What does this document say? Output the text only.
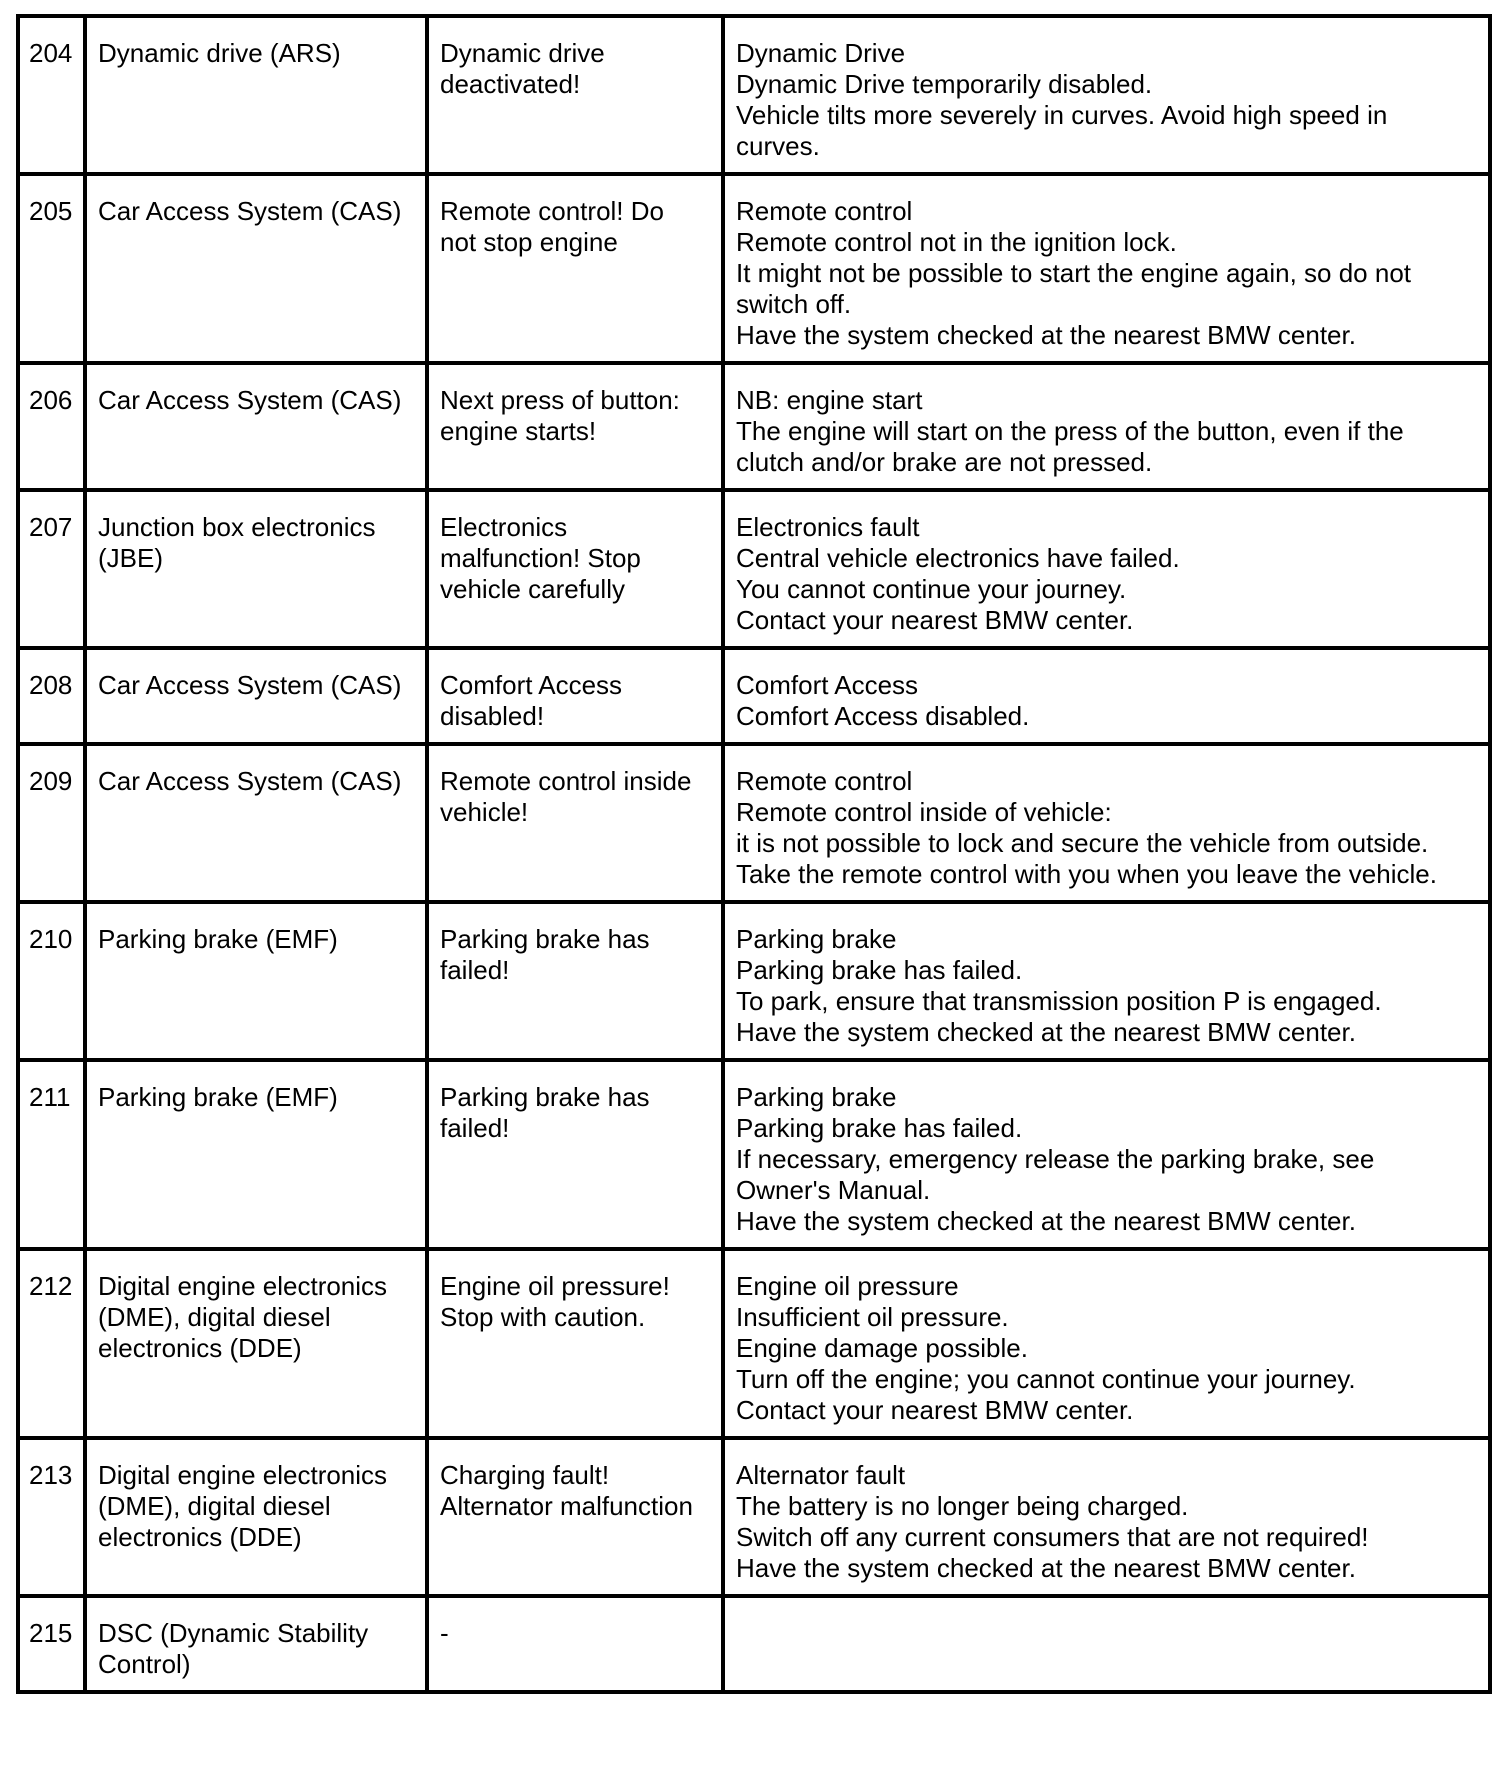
204	Dynamic drive (ARS)	Dynamic drive
deactivated!	Dynamic Drive
Dynamic Drive temporarily disabled.
Vehicle tilts more severely in curves. Avoid high speed in
curves.

205	Car Access System (CAS)	Remote control! Do
not stop engine	Remote control
Remote control not in the ignition lock.
It might not be possible to start the engine again, so do not
switch off.
Have the system checked at the nearest BMW center.

206	Car Access System (CAS)	Next press of button:
engine starts!	NB: engine start
The engine will start on the press of the button, even if the
clutch and/or brake are not pressed.

207	Junction box electronics
(JBE)	Electronics
malfunction! Stop
vehicle carefully	Electronics fault
Central vehicle electronics have failed.
You cannot continue your journey.
Contact your nearest BMW center.

208	Car Access System (CAS)	Comfort Access
disabled!	Comfort Access
Comfort Access disabled.

209	Car Access System (CAS)	Remote control inside
vehicle!	Remote control
Remote control inside of vehicle:
it is not possible to lock and secure the vehicle from outside.
Take the remote control with you when you leave the vehicle.

210	Parking brake (EMF)	Parking brake has
failed!	Parking brake
Parking brake has failed.
To park, ensure that transmission position P is engaged.
Have the system checked at the nearest BMW center.

211	Parking brake (EMF)	Parking brake has
failed!	Parking brake
Parking brake has failed.
If necessary, emergency release the parking brake, see
Owner's Manual.
Have the system checked at the nearest BMW center.

212	Digital engine electronics
(DME), digital diesel
electronics (DDE)	Engine oil pressure!
Stop with caution.	Engine oil pressure
Insufficient oil pressure.
Engine damage possible.
Turn off the engine; you cannot continue your journey.
Contact your nearest BMW center.

213	Digital engine electronics
(DME), digital diesel
electronics (DDE)	Charging fault!
Alternator malfunction	Alternator fault
The battery is no longer being charged.
Switch off any current consumers that are not required!
Have the system checked at the nearest BMW center.

215	DSC (Dynamic Stability
Control)	-	
